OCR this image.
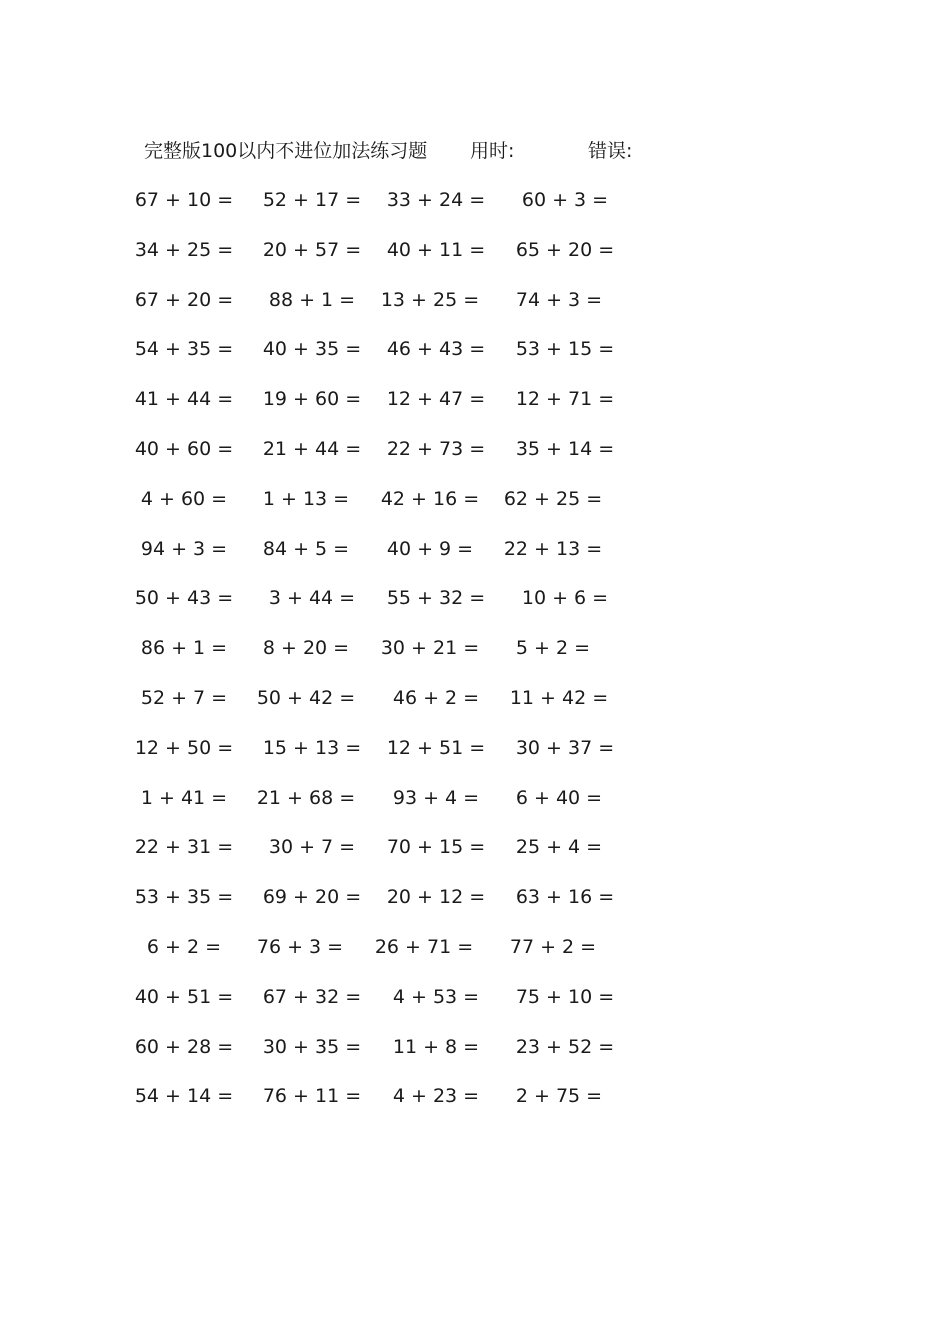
完整版100以内不进位加法练习题 用时:	错误:
67 + 10 =	52 + 17 =	33 + 24 =	60 + 3 =
34 + 25 =	20 + 57 =	40 + 11 =	65 + 20 =
67 + 20 =	88 + 1 =	13 + 25 =	74 + 3 =
54 + 35 =	40 + 35 =	46 + 43 =	53 + 15 =
41 + 44 =	19 + 60 =	12 + 47 =	12 + 71 =
40 + 60 =	21 + 44 =	22 + 73 =	35 + 14 =
4 + 60 =	1 + 13 =	42 + 16 =	62 + 25 =
94 + 3 =	84 + 5 =	40 + 9 =	22 + 13 =
50 + 43 =	3 + 44 =	55 + 32 =	10 + 6 =
86 + 1 =	8 + 20 =	30 + 21 =	5 + 2 =
52 + 7 =	50 + 42 =	46 + 2 =	11 + 42 =
12 + 50 =	15 + 13 =	12 + 51 =	30 + 37 =
1 + 41 =	21 + 68 =	93 + 4 =	6 + 40 =
22 + 31 =	30 + 7 =	70 + 15 =	25 + 4 =
53 + 35 =	69 + 20 =	20 + 12 =	63 + 16 =
6 + 2 =	76 + 3 =	26 + 71 =	77 + 2 =
40 + 51 =	67 + 32 =	4 + 53 =	75 + 10 =
60 + 28 =	30 + 35 =	11 + 8 =	23 + 52 =
54 + 14 =	76 + 11 =	4 + 23 =	2 + 75 =
